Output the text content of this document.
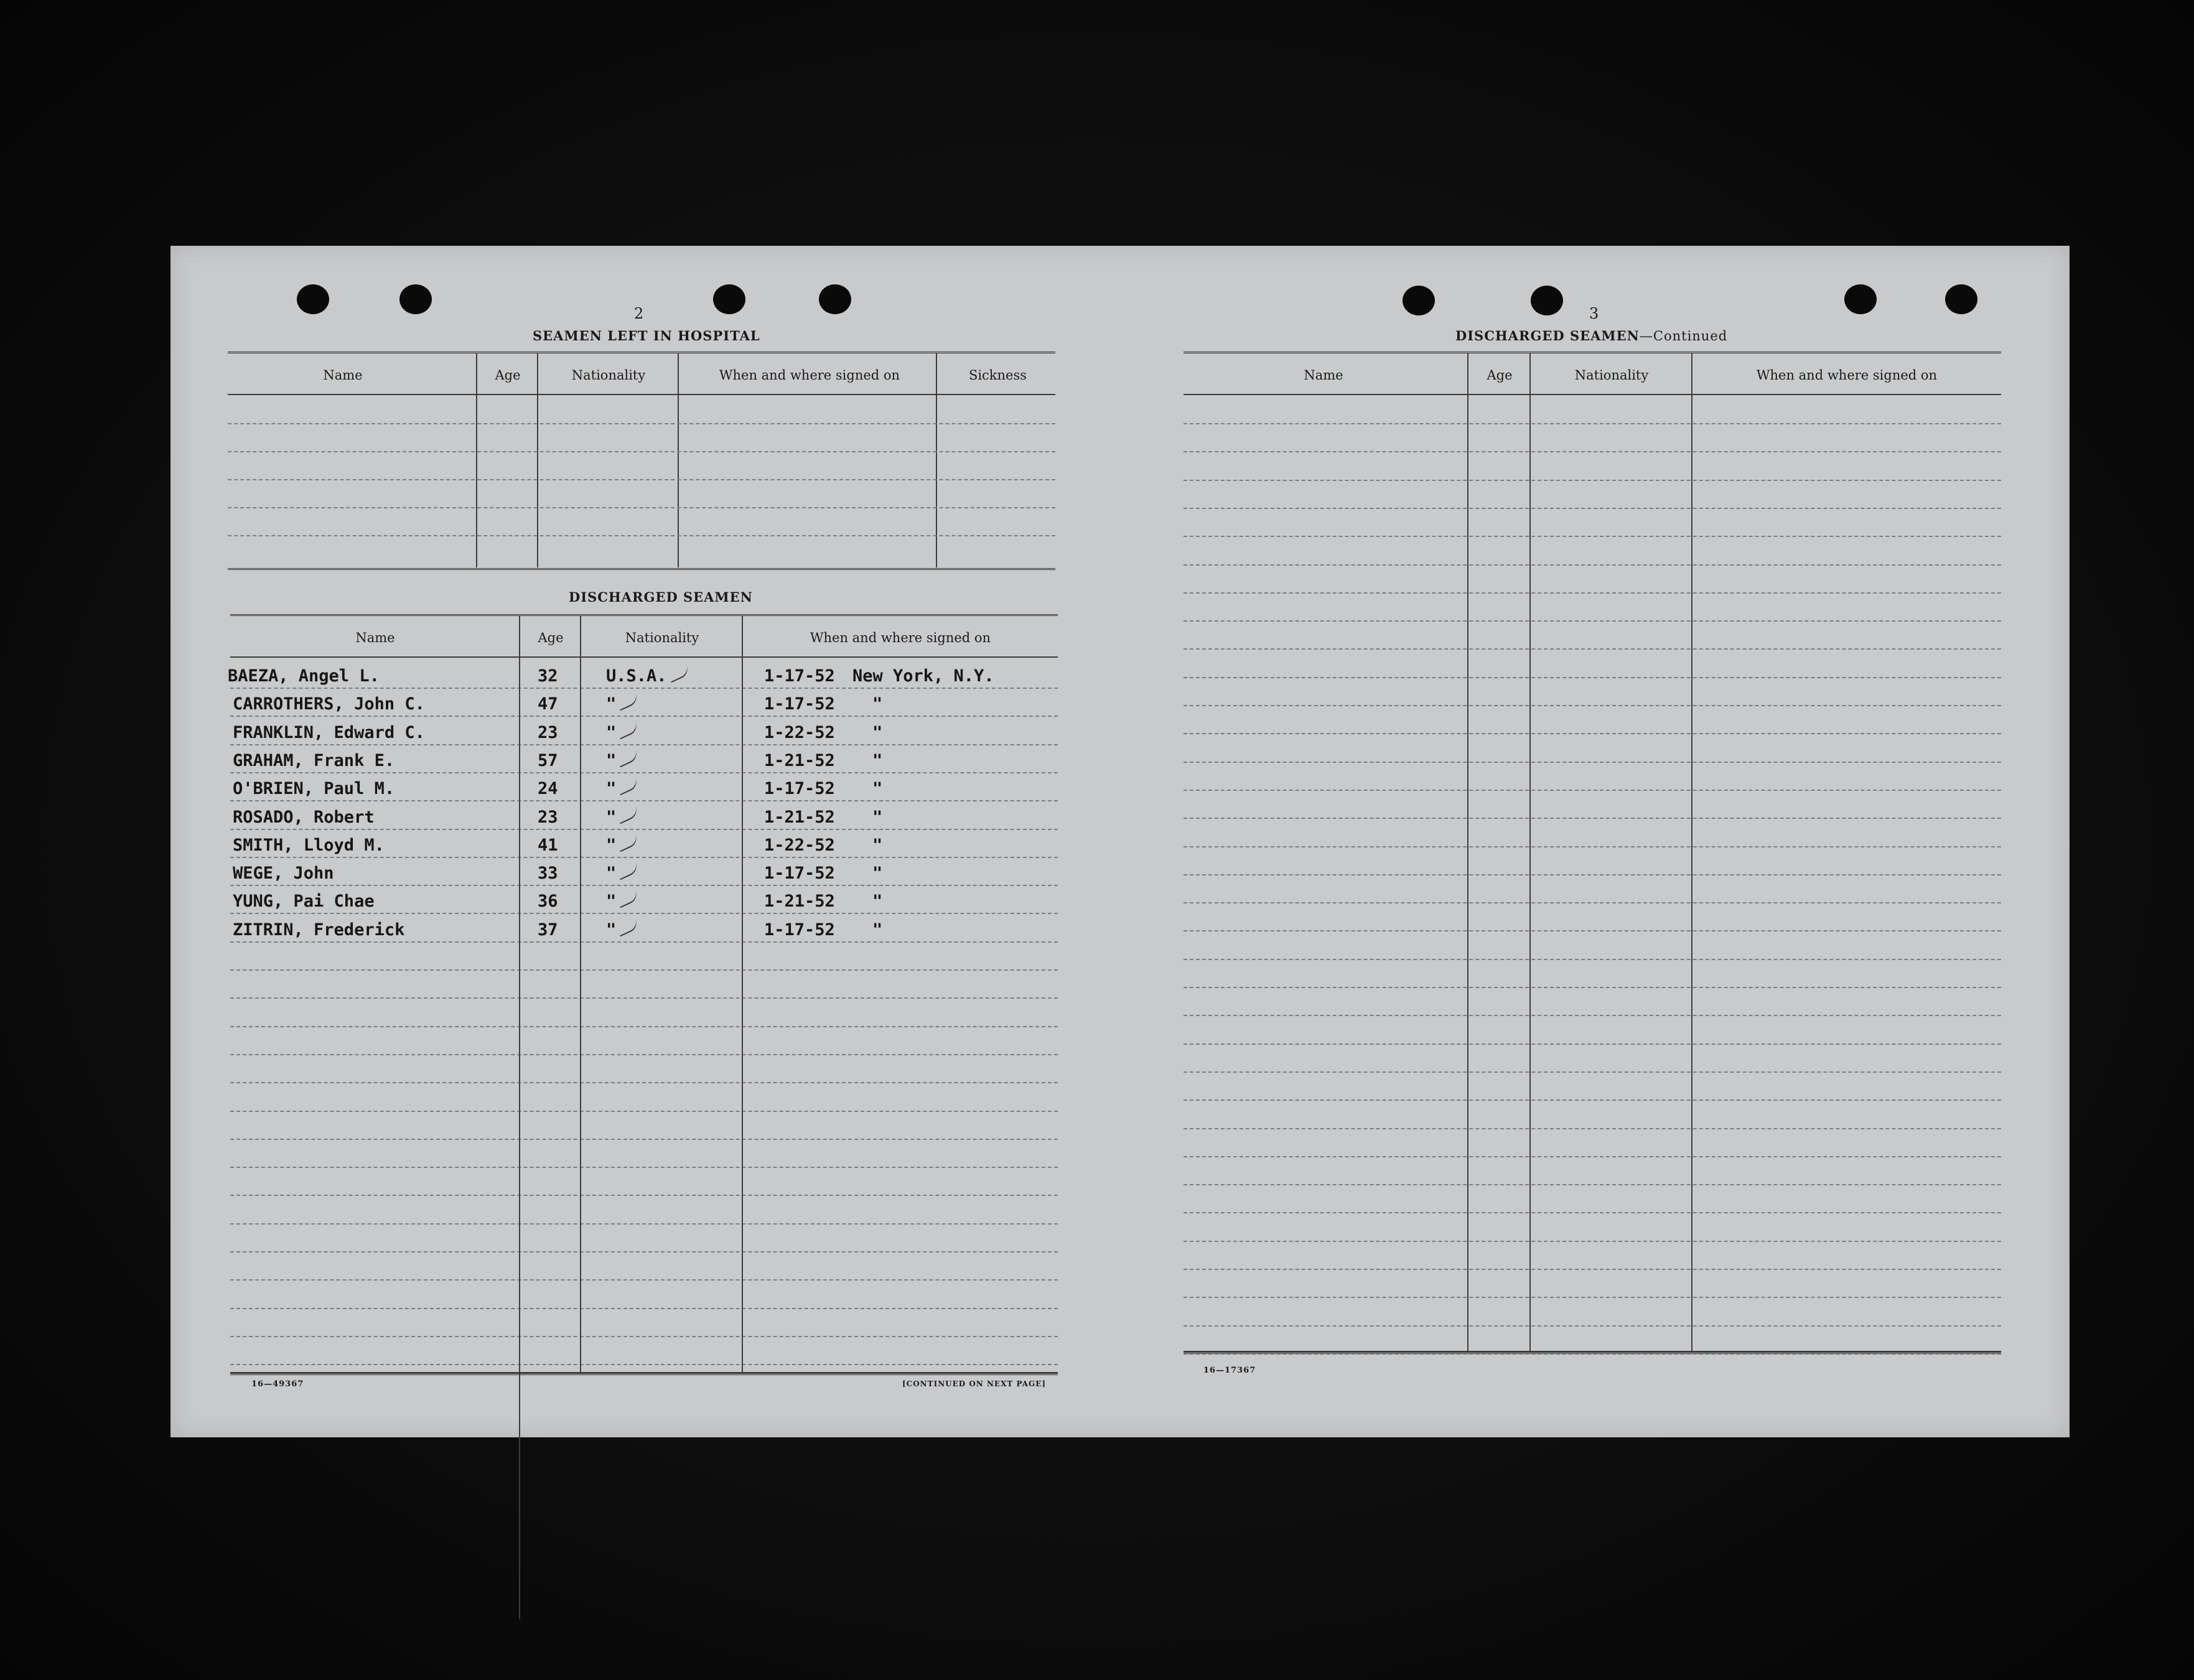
2
SEAMEN LEFT IN HOSPITAL
Name	Age	Nationality	When and where signed on	Sickness
DISCHARGED SEAMEN
Name	Age	Nationality	When and where signed on
BAEZA, Angel L.	32	U.S.A.	1-17-52 New York, N.Y.
CARROTHERS, John C.	47	"	1-17-52 "
FRANKLIN, Edward C.	23	"	1-22-52 "
GRAHAM, Frank E.	57	"	1-21-52 "
O'BRIEN, Paul M.	24	"	1-17-52 "
ROSADO, Robert	23	"	1-21-52 "
SMITH, Lloyd M.	41	"	1-22-52 "
WEGE, John	33	"	1-17-52 "
YUNG, Pai Chae	36	"	1-21-52 "
ZITRIN, Frederick	37	"	1-17-52 "
16—49367	[CONTINUED ON NEXT PAGE]
3
DISCHARGED SEAMEN—Continued
Name	Age	Nationality	When and where signed on
16—17367
